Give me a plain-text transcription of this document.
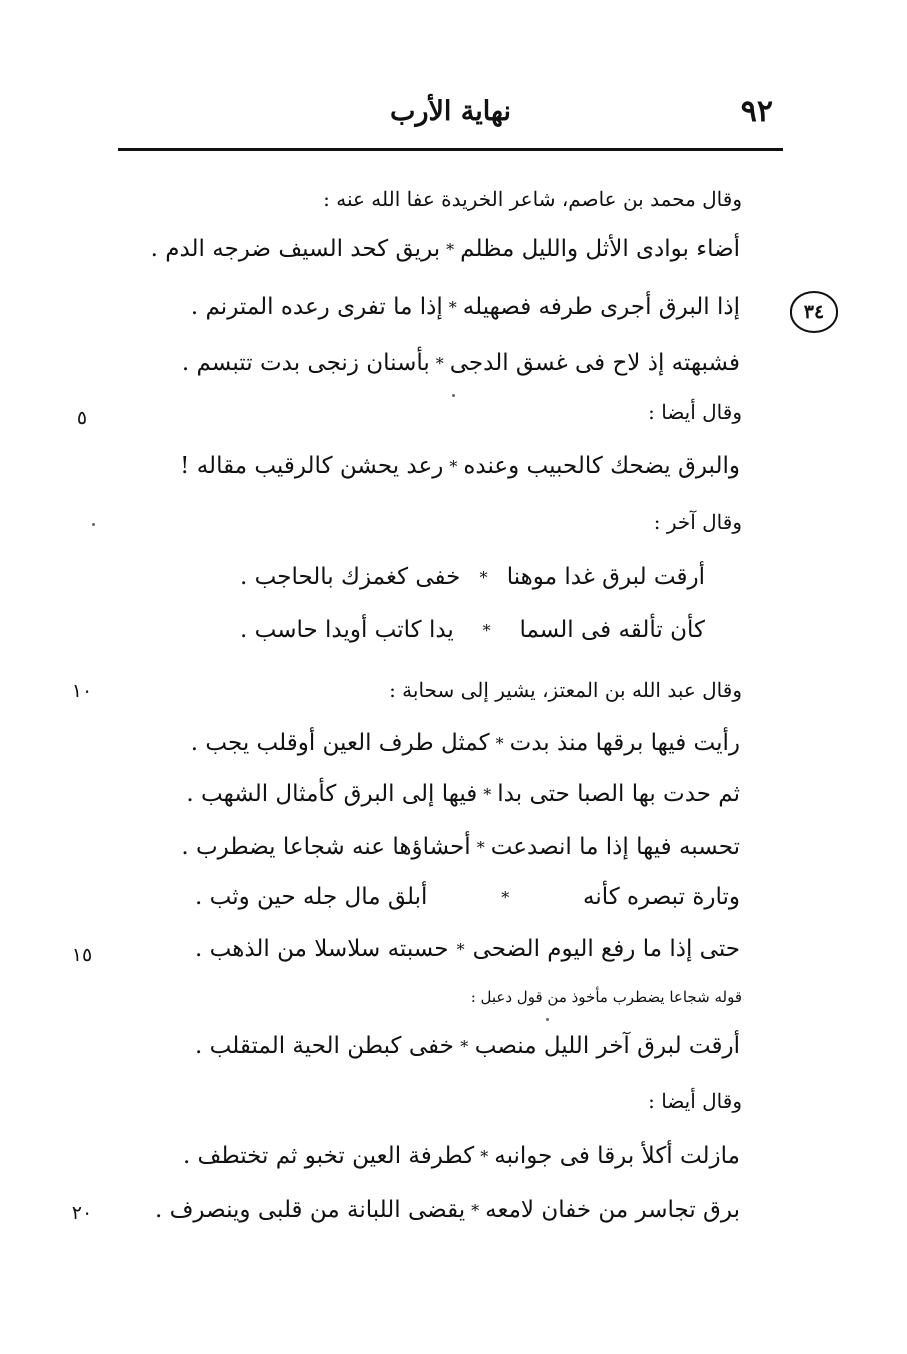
٩٢
نهاية الأرب
٣٤
٥
١٠
١٥
٢٠
وقال محمد بن عاصم، شاعر الخريدة عفا الله عنه :
أضاء بوادى الأثل والليل مظلم
*
بريق كحد السيف ضرجه الدم .
إذا البرق أجرى طرفه فصهيله
*
إذا ما تفرى رعده المترنم .
فشبهته إذ لاح فى غسق الدجى
*
بأسنان زنجى بدت تتبسم .
وقال أيضا :
والبرق يضحك كالحبيب وعنده
*
رعد يحشن كالرقيب مقاله !
وقال آخر :
أرقت لبرق غدا موهنا
*
خفى كغمزك بالحاجب .
كأن تألقه فى السما
*
يدا كاتب أويدا حاسب .
وقال عبد الله بن المعتز، يشير إلى سحابة :
رأيت فيها برقها منذ بدت
*
كمثل طرف العين أوقلب يجب .
ثم حدت بها الصبا حتى بدا
*
فيها إلى البرق كأمثال الشهب .
تحسبه فيها إذا ما انصدعت
*
أحشاؤها عنه شجاعا يضطرب .
وتارة تبصره كأنه
*
أبلق مال جله حين وثب .
حتى إذا ما رفع اليوم الضحى
*
حسبته سلاسلا من الذهب .
قوله شجاعا يضطرب مأخوذ من قول دعبل :
أرقت لبرق آخر الليل منصب
*
خفى كبطن الحية المتقلب .
وقال أيضا :
مازلت أكلأ برقا فى جوانبه
*
كطرفة العين تخبو ثم تختطف .
برق تجاسر من خفان لامعه
*
يقضى اللبانة من قلبى وينصرف .
